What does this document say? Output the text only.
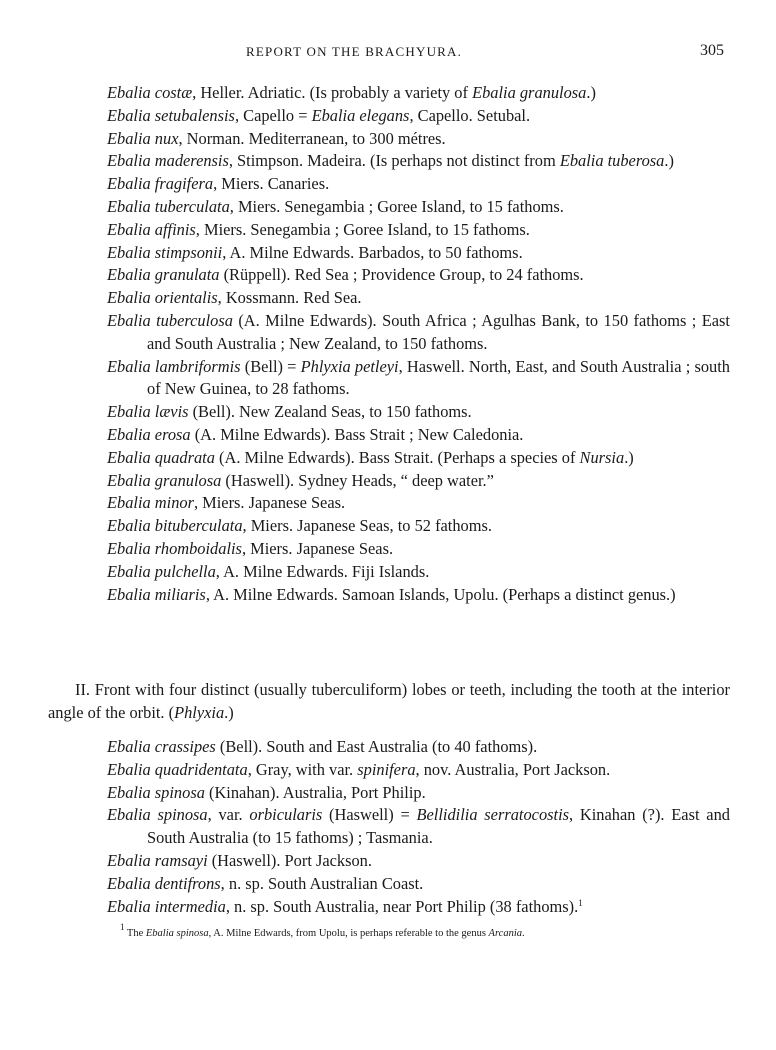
REPORT ON THE BRACHYURA.	305

Ebalia costæ, Heller. Adriatic. (Is probably a variety of Ebalia granulosa.)

Ebalia setubalensis, Capello = Ebalia elegans, Capello. Setubal.

Ebalia nux, Norman. Mediterranean, to 300 métres.

Ebalia maderensis, Stimpson. Madeira. (Is perhaps not distinct from Ebalia tuberosa.)

Ebalia fragifera, Miers. Canaries.

Ebalia tuberculata, Miers. Senegambia ; Goree Island, to 15 fathoms.

Ebalia affinis, Miers. Senegambia ; Goree Island, to 15 fathoms.

Ebalia stimpsonii, A. Milne Edwards. Barbados, to 50 fathoms.

Ebalia granulata (Rüppell). Red Sea ; Providence Group, to 24 fathoms.

Ebalia orientalis, Kossmann. Red Sea.

Ebalia tuberculosa (A. Milne Edwards). South Africa ; Agulhas Bank, to 150 fathoms ; East and South Australia ; New Zealand, to 150 fathoms.

Ebalia lambriformis (Bell) = Phlyxia petleyi, Haswell. North, East, and South Australia ; south of New Guinea, to 28 fathoms.

Ebalia lævis (Bell). New Zealand Seas, to 150 fathoms.

Ebalia erosa (A. Milne Edwards). Bass Strait ; New Caledonia.

Ebalia quadrata (A. Milne Edwards). Bass Strait. (Perhaps a species of Nursia.)

Ebalia granulosa (Haswell). Sydney Heads, “ deep water.”

Ebalia minor, Miers. Japanese Seas.

Ebalia bituberculata, Miers. Japanese Seas, to 52 fathoms.

Ebalia rhomboidalis, Miers. Japanese Seas.

Ebalia pulchella, A. Milne Edwards. Fiji Islands.

Ebalia miliaris, A. Milne Edwards. Samoan Islands, Upolu. (Perhaps a distinct genus.)

II. Front with four distinct (usually tuberculiform) lobes or teeth, including the tooth at the interior angle of the orbit. (Phlyxia.)

Ebalia crassipes (Bell). South and East Australia (to 40 fathoms).

Ebalia quadridentata, Gray, with var. spinifera, nov. Australia, Port Jackson.

Ebalia spinosa (Kinahan). Australia, Port Philip.

Ebalia spinosa, var. orbicularis (Haswell) = Bellidilia serratocostis, Kinahan (?). East and South Australia (to 15 fathoms) ; Tasmania.

Ebalia ramsayi (Haswell). Port Jackson.

Ebalia dentifrons, n. sp. South Australian Coast.

Ebalia intermedia, n. sp. South Australia, near Port Philip (38 fathoms).$^1$

$^1$ The Ebalia spinosa, A. Milne Edwards, from Upolu, is perhaps referable to the genus Arcania.
